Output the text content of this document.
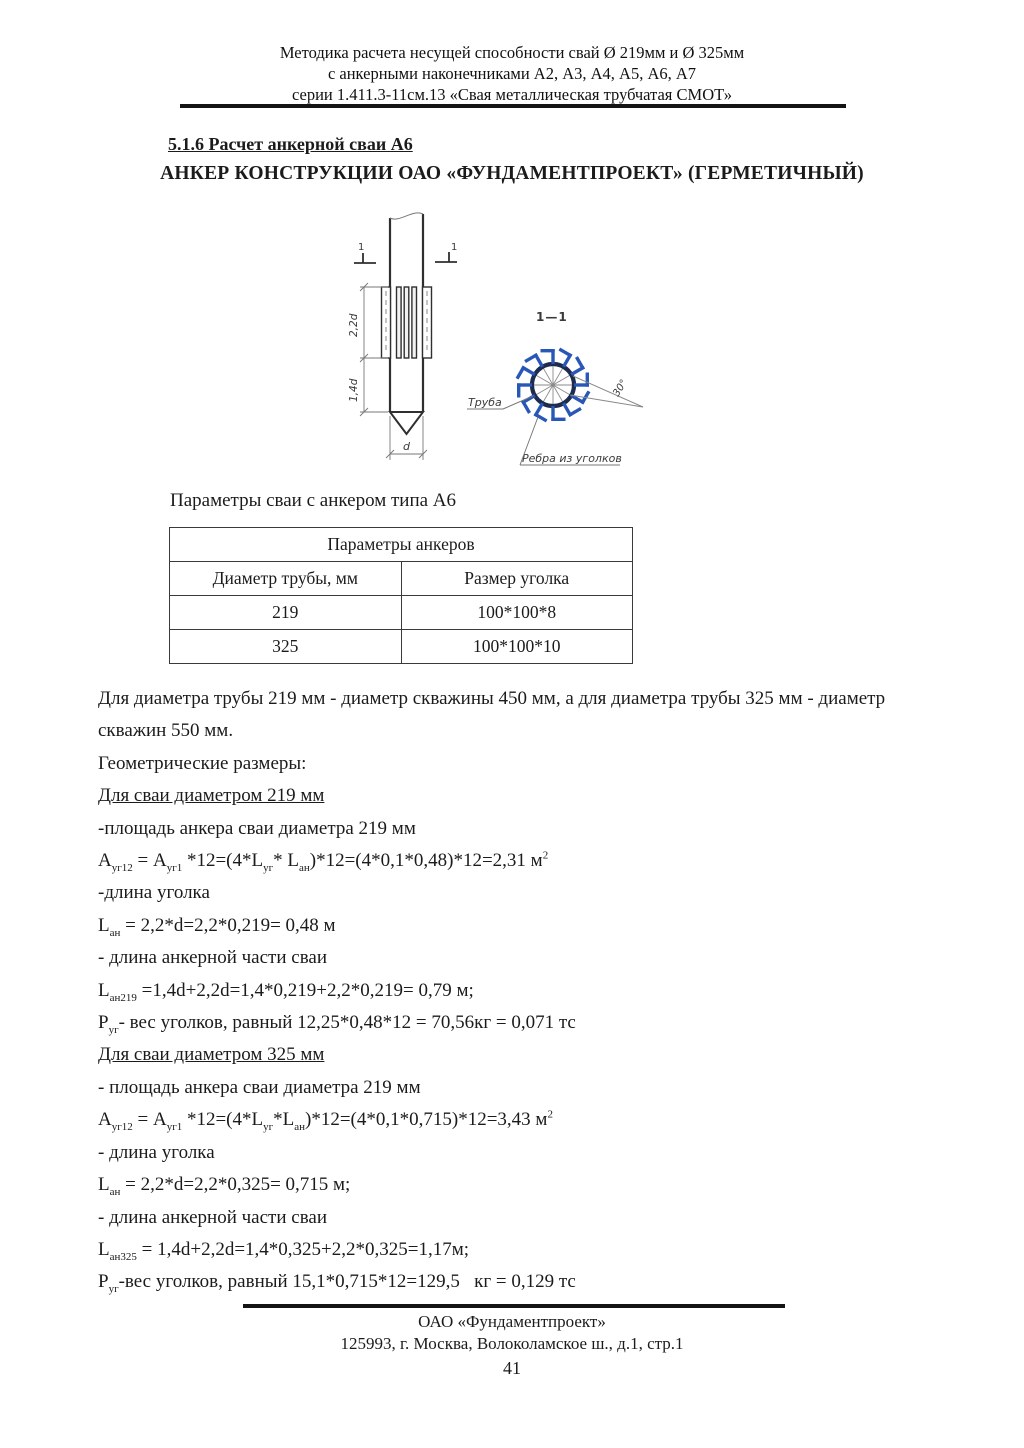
Методика расчета несущей способности свай Ø 219мм и Ø 325мм
с анкерными наконечниками А2, А3, А4, А5, А6, А7
серии 1.411.3-11см.13 «Свая металлическая трубчатая СМОТ»
5.1.6 Расчет анкерной сваи А6
АНКЕР КОНСТРУКЦИИ ОАО «ФУНДАМЕНТПРОЕКТ» (ГЕРМЕТИЧНЫЙ)
1	1
2,2d
1,4d
d
1—1
30°
Труба
Ребра из уголков
Параметры сваи с анкером типа А6
Параметры анкеров	
Диаметр трубы, мм	Размер уголка
219	100*100*8
325	100*100*10

Для диаметра трубы 219 мм - диаметр скважины 450 мм, а для диаметра трубы 325 мм - диаметр скважин 550 мм.

Геометрические размеры:

Для сваи диаметром 219 мм

-площадь анкера сваи диаметра 219 мм

$A_{уг12} = A_{уг1}$ $*12=(4*L_{уг}*$ $L_{ан})*12=(4*0,1*0,48)*12=2,31$ $м^2$

-длина уголка

$L_{ан} = 2,2*d=2,2*0,219= 0,48$ м

- длина анкерной части сваи

$L_{ан219} =1,4d+2,2d=1,4*0,219+2,2*0,219= 0,79$ м;

$P_{уг}-$ вес уголков, равный 12,25*0,48*12 = 70,56кг = 0,071 тс

Для сваи диаметром 325 мм

- площадь анкера сваи диаметра 219 мм

$A_{уг12} = A_{уг1}$ $*12=(4*L_{уг}*L_{ан})*12=(4*0,1*0,715)*12=3,43$ $м^2$

- длина уголка

$L_{ан} = 2,2*d=2,2*0,325= 0,715$ м;

- длина анкерной части сваи

$L_{ан325} = 1,4d+2,2d=1,4*0,325+2,2*0,325=1,17м$;

$P_{уг}$-вес уголков, равный 15,1*0,715*12=129,5   кг = 0,129 тс

ОАО «Фундаментпроект»
125993, г. Москва, Волоколамское ш., д.1, стр.1
41
